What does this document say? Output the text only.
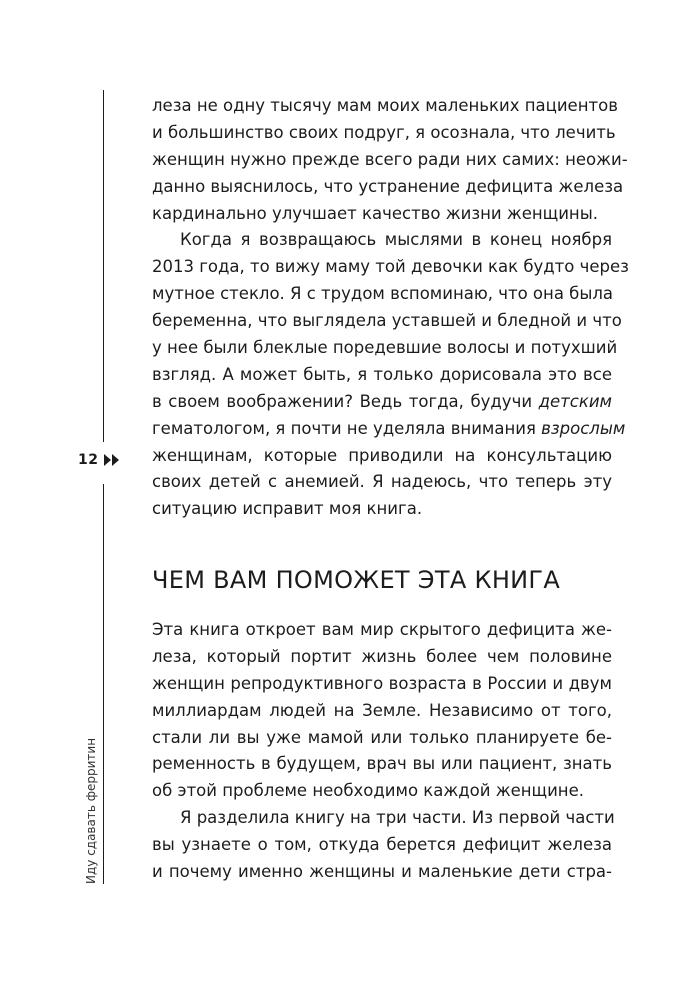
12
Иду сдавать ферритин
леза не одну тысячу мам моих маленьких пациентов
и большинство своих подруг, я осознала, что лечить
женщин нужно прежде всего ради них самих: неожи-
данно выяснилось, что устранение дефицита железа
кардинально улучшает качество жизни женщины.
Когда я возвращаюсь мыслями в конец ноября
2013 года, то вижу маму той девочки как будто через
мутное стекло. Я с трудом вспоминаю, что она была
беременна, что выглядела уставшей и бледной и что
у нее были блеклые поредевшие волосы и потухший
взгляд. А может быть, я только дорисовала это все
в своем воображении? Ведь тогда, будучи детским
гематологом, я почти не уделяла внимания взрослым
женщинам, которые приводили на консультацию
своих детей с анемией. Я надеюсь, что теперь эту
ситуацию исправит моя книга.
ЧЕМ ВАМ ПОМОЖЕТ ЭТА КНИГА
Эта книга откроет вам мир скрытого дефицита же-
леза, который портит жизнь более чем половине
женщин репродуктивного возраста в России и двум
миллиардам людей на Земле. Независимо от того,
стали ли вы уже мамой или только планируете бе-
ременность в будущем, врач вы или пациент, знать
об этой проблеме необходимо каждой женщине.
Я разделила книгу на три части. Из первой части
вы узнаете о том, откуда берется дефицит железа
и почему именно женщины и маленькие дети стра-
